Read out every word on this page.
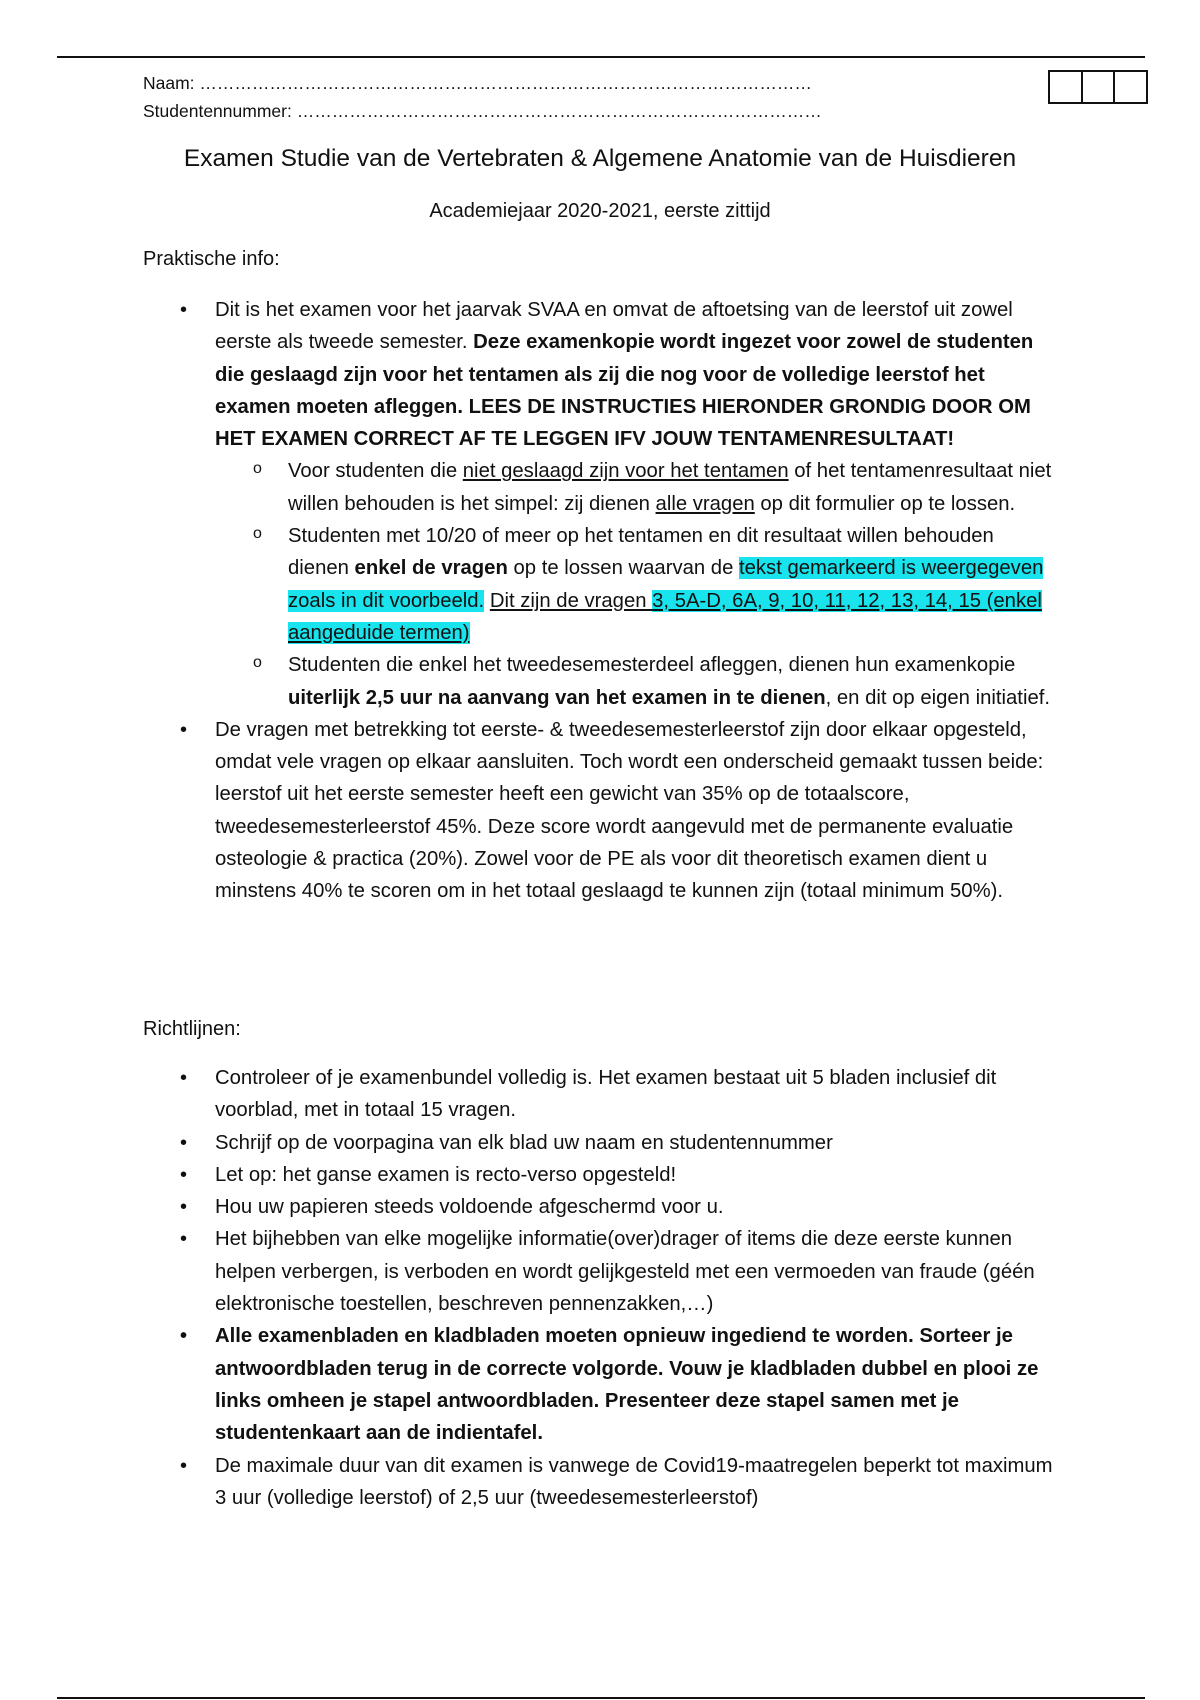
Naam: ……………………………………………………………………………………………
Studentennummer: ………………………………………………………………………………
Examen Studie van de Vertebraten & Algemene Anatomie van de Huisdieren
Academiejaar 2020-2021, eerste zittijd
Praktische info:
• Dit is het examen voor het jaarvak SVAA en omvat de aftoetsing van de leerstof uit zowel eerste als tweede semester. Deze examenkopie wordt ingezet voor zowel de studenten die geslaagd zijn voor het tentamen als zij die nog voor de volledige leerstof het examen moeten afleggen. LEES DE INSTRUCTIES HIERONDER GRONDIG DOOR OM HET EXAMEN CORRECT AF TE LEGGEN IFV JOUW TENTAMENRESULTAAT!
o Voor studenten die niet geslaagd zijn voor het tentamen of het tentamenresultaat niet willen behouden is het simpel: zij dienen alle vragen op dit formulier op te lossen.
o Studenten met 10/20 of meer op het tentamen en dit resultaat willen behouden dienen enkel de vragen op te lossen waarvan de tekst gemarkeerd is weergegeven zoals in dit voorbeeld. Dit zijn de vragen 3, 5A-D, 6A, 9, 10, 11, 12, 13, 14, 15 (enkel aangeduide termen)
o Studenten die enkel het tweedesemesterdeel afleggen, dienen hun examenkopie uiterlijk 2,5 uur na aanvang van het examen in te dienen, en dit op eigen initiatief.
• De vragen met betrekking tot eerste- & tweedesemesterleerstof zijn door elkaar opgesteld, omdat vele vragen op elkaar aansluiten. Toch wordt een onderscheid gemaakt tussen beide: leerstof uit het eerste semester heeft een gewicht van 35% op de totaalscore, tweedesemesterleerstof 45%. Deze score wordt aangevuld met de permanente evaluatie osteologie & practica (20%). Zowel voor de PE als voor dit theoretisch examen dient u minstens 40% te scoren om in het totaal geslaagd te kunnen zijn (totaal minimum 50%).
Richtlijnen:
• Controleer of je examenbundel volledig is. Het examen bestaat uit 5 bladen inclusief dit voorblad, met in totaal 15 vragen.
• Schrijf op de voorpagina van elk blad uw naam en studentennummer
• Let op: het ganse examen is recto-verso opgesteld!
• Hou uw papieren steeds voldoende afgeschermd voor u.
• Het bijhebben van elke mogelijke informatie(over)drager of items die deze eerste kunnen helpen verbergen, is verboden en wordt gelijkgesteld met een vermoeden van fraude (géén elektronische toestellen, beschreven pennenzakken,…)
• Alle examenbladen en kladbladen moeten opnieuw ingediend te worden. Sorteer je antwoordbladen terug in de correcte volgorde. Vouw je kladbladen dubbel en plooi ze links omheen je stapel antwoordbladen. Presenteer deze stapel samen met je studentenkaart aan de indientafel.
• De maximale duur van dit examen is vanwege de Covid19-maatregelen beperkt tot maximum 3 uur (volledige leerstof) of 2,5 uur (tweedesemesterleerstof)
